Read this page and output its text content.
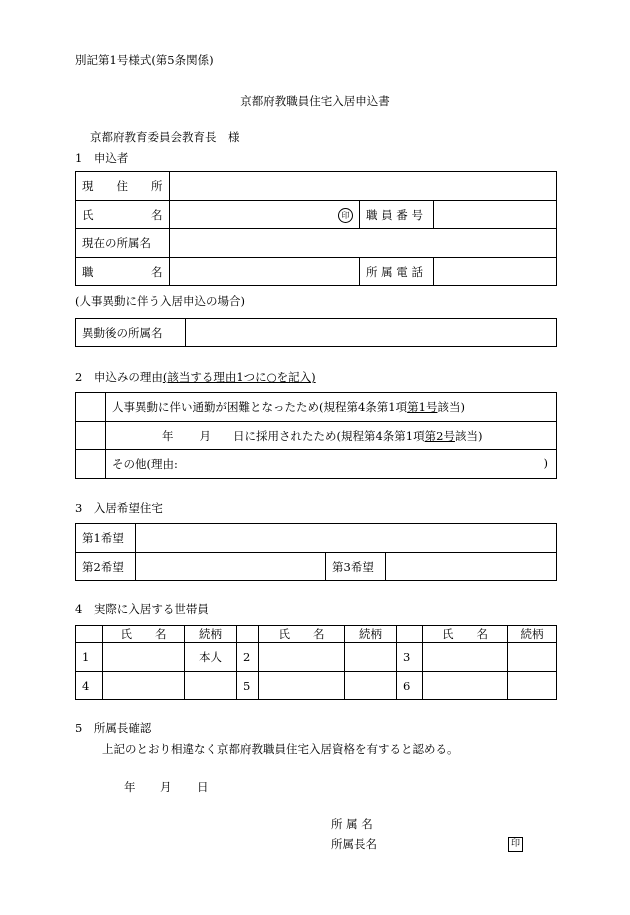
別記第1号様式(第5条関係)
京都府教職員住宅入居申込書
京都府教育委員会教育長　様
1　申込者
現　　住　　所			
氏　　　　　名	印	職 員 番 号	
現在の所属名			
職　　　　　名		所 属 電 話	
(人事異動に伴う入居申込の場合)
異動後の所属名	
2　申込みの理由(該当する理由1つに○を記入)
	人事異動に伴い通勤が困難となったため(規程第4条第1項第1号該当)
	年 月 日に採用されたため(規程第4条第1項第2号該当)
	その他(理由: )
3　入居希望住宅
第1希望			
第2希望		第3希望	
4　実際に入居する世帯員
	氏　　名	続柄		氏　　名	続柄		氏　　名	続柄
1		本人	2			3		
4			5			6		
5　所属長確認
上記のとおり相違なく京都府教職員住宅入居資格を有すると認める。
年 月 日
所 属 名
所属長名	印
